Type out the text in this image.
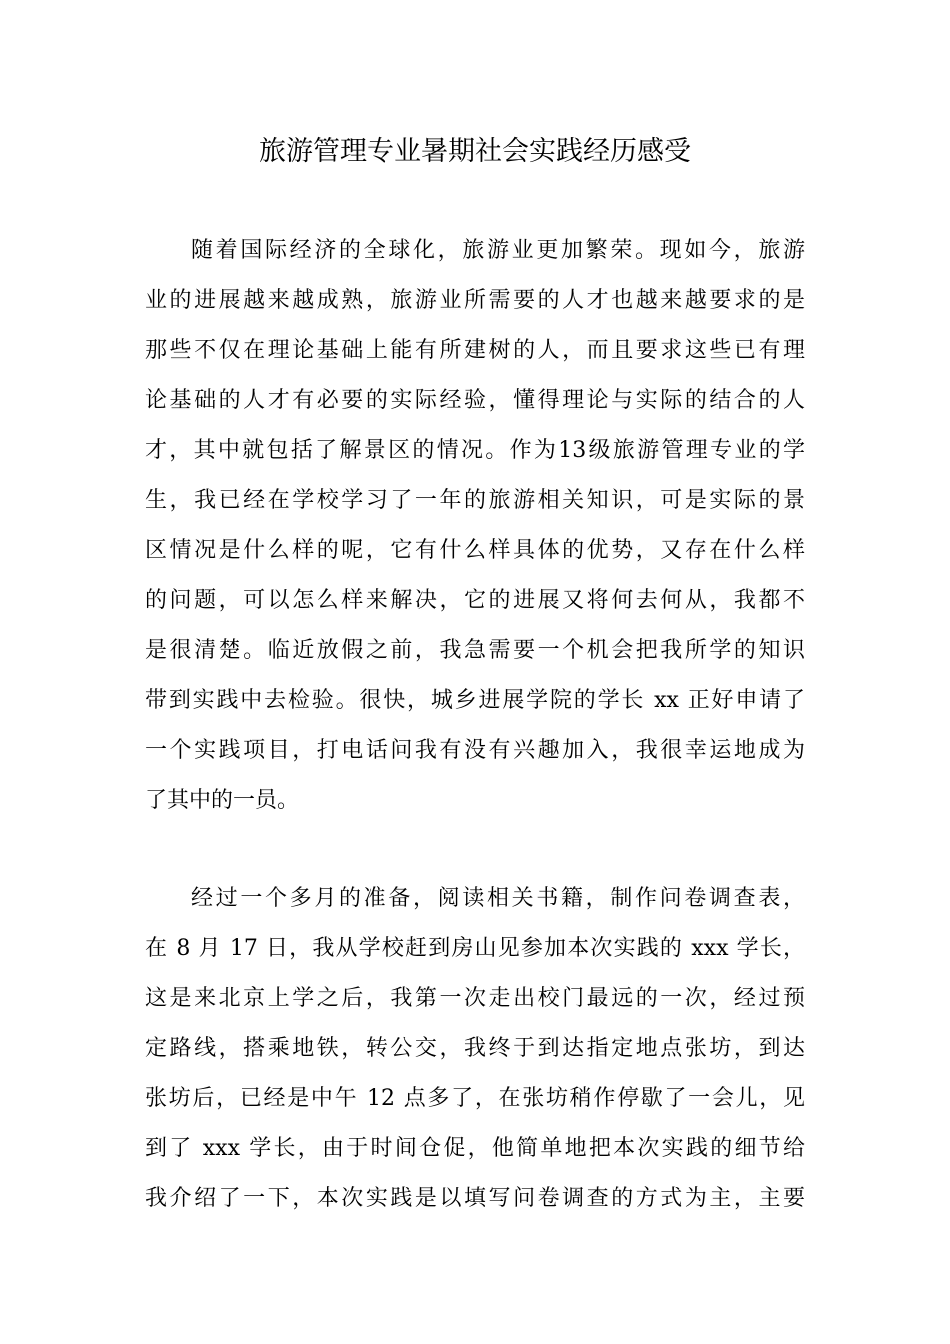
旅游管理专业暑期社会实践经历感受
随着国际经济的全球化，旅游业更加繁荣。现如今，旅游
业的进展越来越成熟，旅游业所需要的人才也越来越要求的是
那些不仅在理论基础上能有所建树的人，而且要求这些已有理
论基础的人才有必要的实际经验，懂得理论与实际的结合的人
才，其中就包括了解景区的情况。作为13级旅游管理专业的学
生，我已经在学校学习了一年的旅游相关知识，可是实际的景
区情况是什么样的呢，它有什么样具体的优势，又存在什么样
的问题，可以怎么样来解决，它的进展又将何去何从，我都不
是很清楚。临近放假之前，我急需要一个机会把我所学的知识
带到实践中去检验。很快，城乡进展学院的学长 xx 正好申请了
一个实践项目，打电话问我有没有兴趣加入，我很幸运地成为
了其中的一员。
经过一个多月的准备，阅读相关书籍，制作问卷调查表，
在 8 月 17 日，我从学校赶到房山见参加本次实践的 xxx 学长，
这是来北京上学之后，我第一次走出校门最远的一次，经过预
定路线，搭乘地铁，转公交，我终于到达指定地点张坊，到达
张坊后，已经是中午 12 点多了，在张坊稍作停歇了一会儿，见
到了 xxx 学长，由于时间仓促，他简单地把本次实践的细节给
我介绍了一下，本次实践是以填写问卷调查的方式为主，主要
